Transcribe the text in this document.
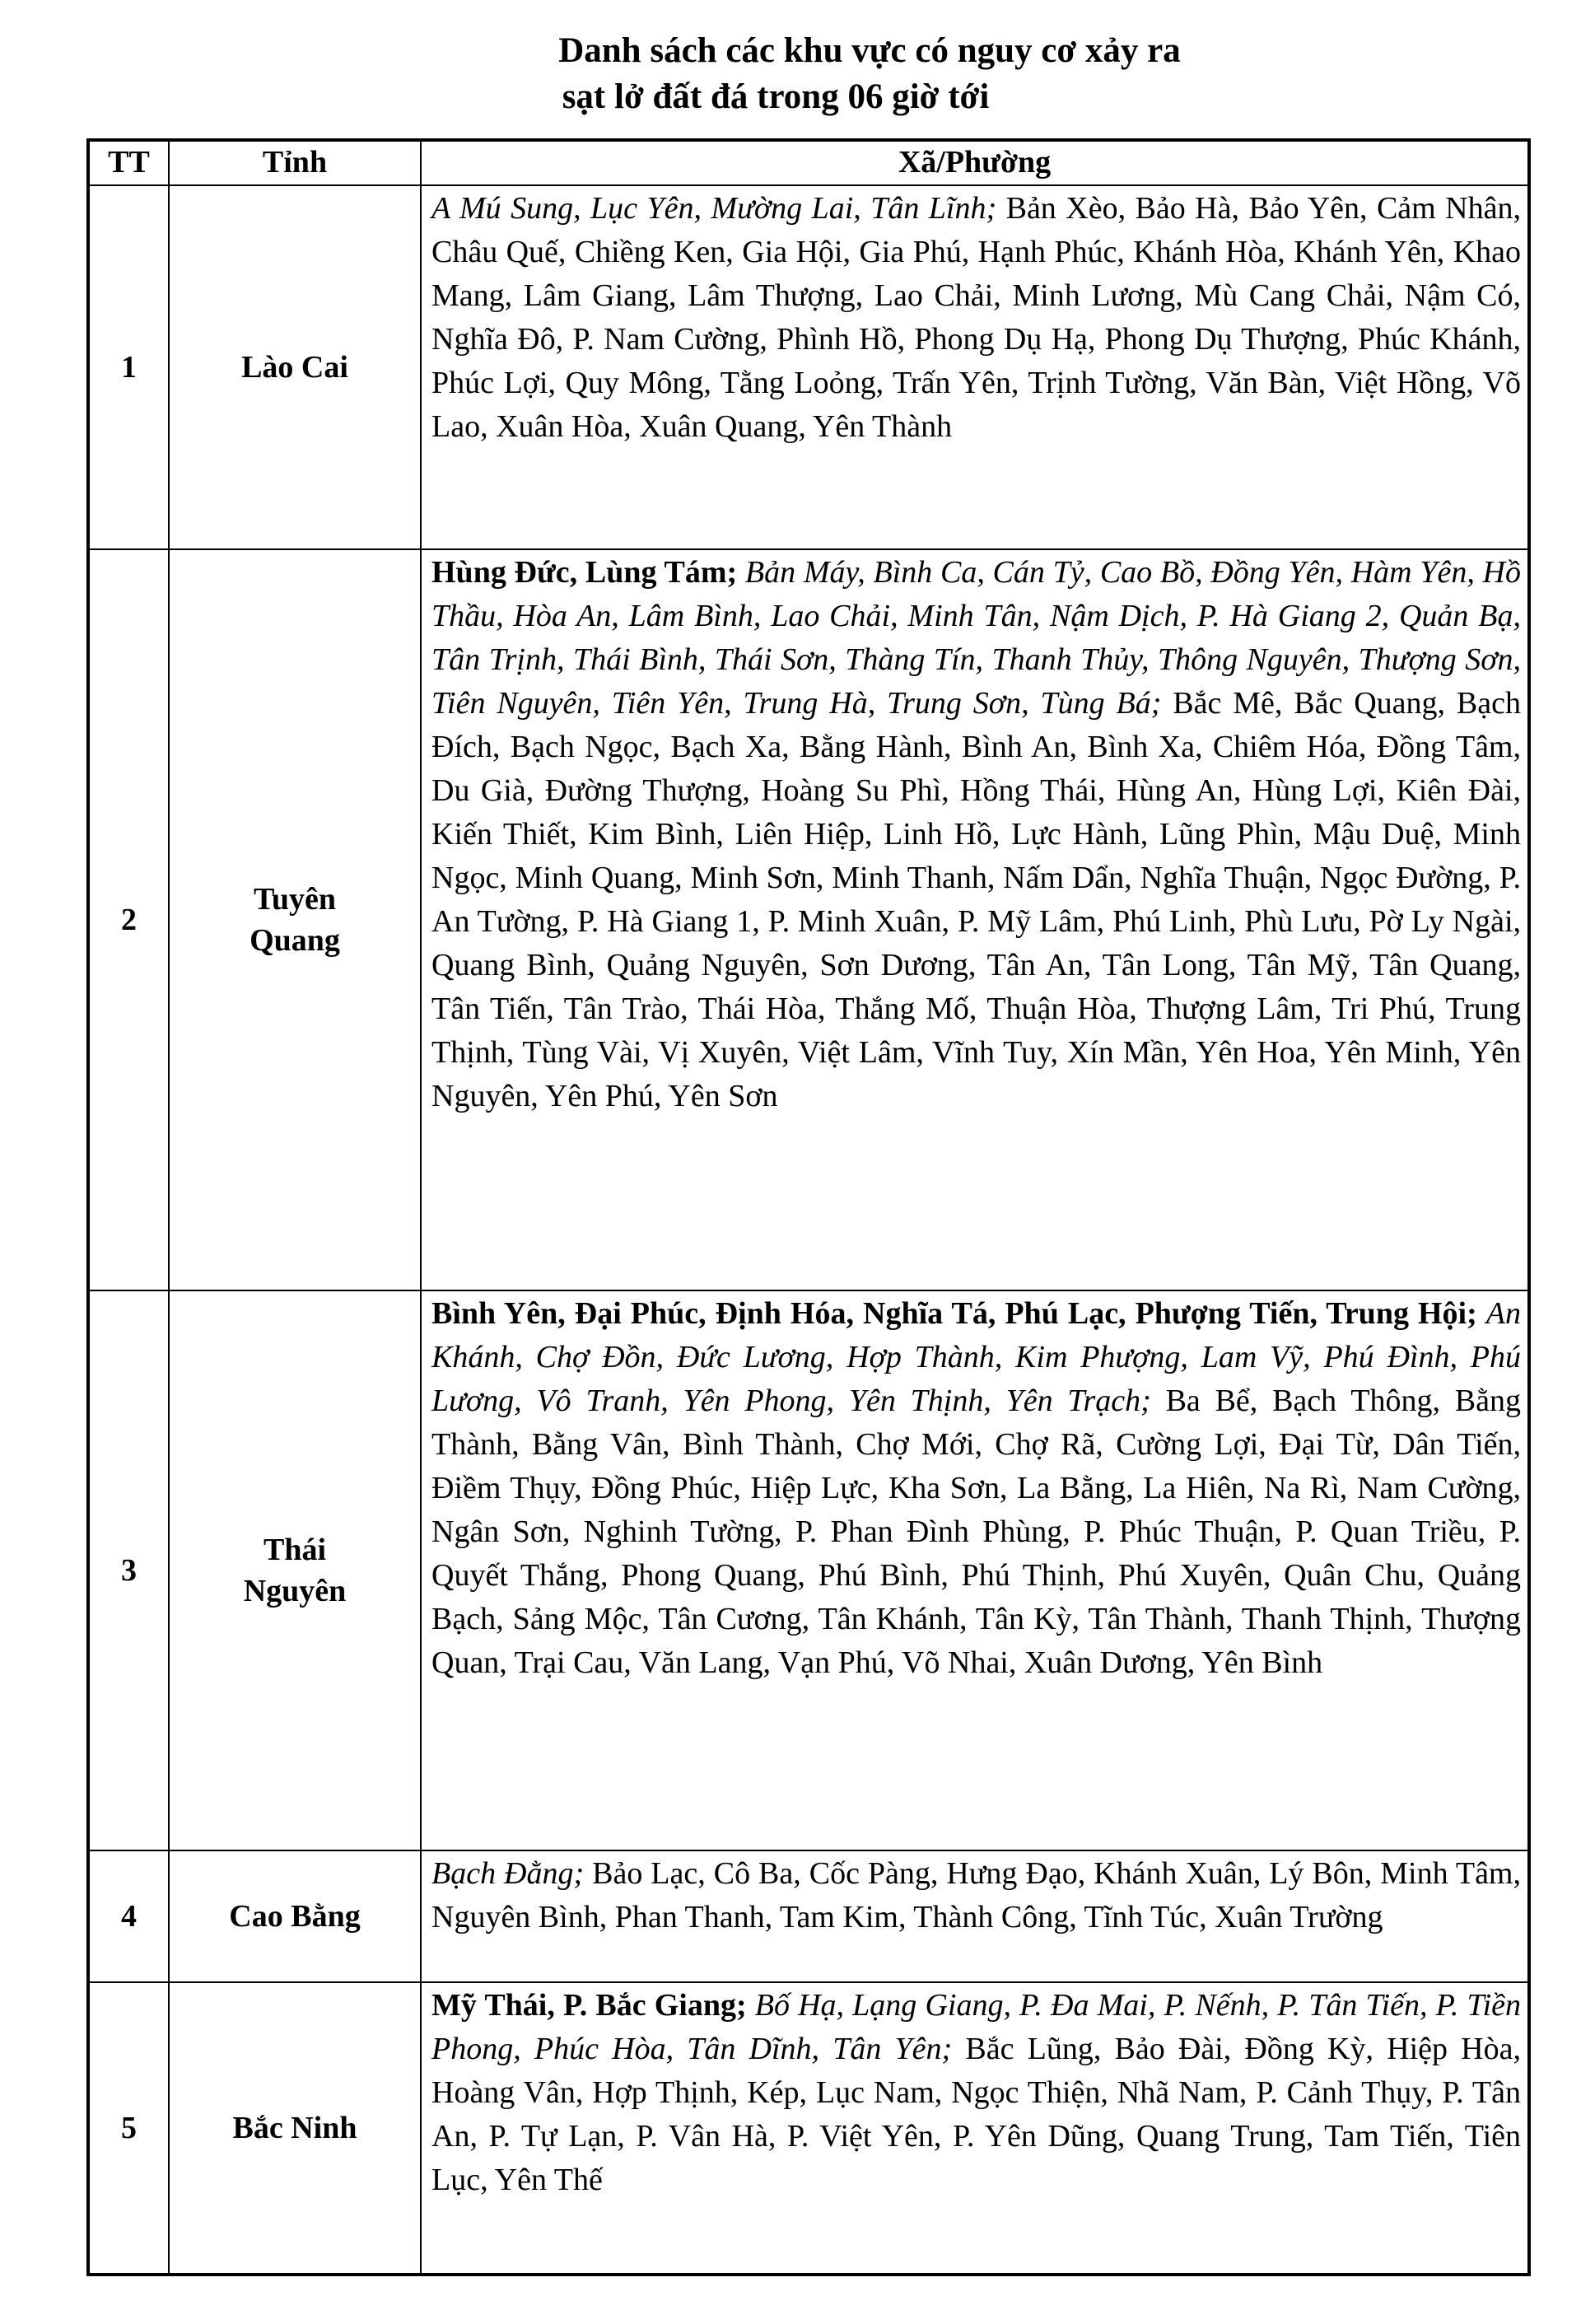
Danh sách các khu vực có nguy cơ xảy ra
sạt lở đất đá trong 06 giờ tới
TT	Tỉnh	Xã/Phường
1	Lào Cai	A Mú Sung, Lục Yên, Mường Lai, Tân Lĩnh; Bản Xèo, Bảo Hà, Bảo Yên, Cảm Nhân, Châu Quế, Chiềng Ken, Gia Hội, Gia Phú, Hạnh Phúc, Khánh Hòa, Khánh Yên, Khao Mang, Lâm Giang, Lâm Thượng, Lao Chải, Minh Lương, Mù Cang Chải, Nậm Có, Nghĩa Đô, P. Nam Cường, Phình Hồ, Phong Dụ Hạ, Phong Dụ Thượng, Phúc Khánh, Phúc Lợi, Quy Mông, Tằng Loỏng, Trấn Yên, Trịnh Tường, Văn Bàn, Việt Hồng, Võ Lao, Xuân Hòa, Xuân Quang, Yên Thành
2	Tuyên Quang	Hùng Đức, Lùng Tám; Bản Máy, Bình Ca, Cán Tỷ, Cao Bồ, Đồng Yên, Hàm Yên, Hồ Thầu, Hòa An, Lâm Bình, Lao Chải, Minh Tân, Nậm Dịch, P. Hà Giang 2, Quản Bạ, Tân Trịnh, Thái Bình, Thái Sơn, Thàng Tín, Thanh Thủy, Thông Nguyên, Thượng Sơn, Tiên Nguyên, Tiên Yên, Trung Hà, Trung Sơn, Tùng Bá; Bắc Mê, Bắc Quang, Bạch Đích, Bạch Ngọc, Bạch Xa, Bằng Hành, Bình An, Bình Xa, Chiêm Hóa, Đồng Tâm, Du Già, Đường Thượng, Hoàng Su Phì, Hồng Thái, Hùng An, Hùng Lợi, Kiên Đài, Kiến Thiết, Kim Bình, Liên Hiệp, Linh Hồ, Lực Hành, Lũng Phìn, Mậu Duệ, Minh Ngọc, Minh Quang, Minh Sơn, Minh Thanh, Nấm Dẩn, Nghĩa Thuận, Ngọc Đường, P. An Tường, P. Hà Giang 1, P. Minh Xuân, P. Mỹ Lâm, Phú Linh, Phù Lưu, Pờ Ly Ngài, Quang Bình, Quảng Nguyên, Sơn Dương, Tân An, Tân Long, Tân Mỹ, Tân Quang, Tân Tiến, Tân Trào, Thái Hòa, Thắng Mố, Thuận Hòa, Thượng Lâm, Tri Phú, Trung Thịnh, Tùng Vài, Vị Xuyên, Việt Lâm, Vĩnh Tuy, Xín Mần, Yên Hoa, Yên Minh, Yên Nguyên, Yên Phú, Yên Sơn
3	Thái Nguyên	Bình Yên, Đại Phúc, Định Hóa, Nghĩa Tá, Phú Lạc, Phượng Tiến, Trung Hội; An Khánh, Chợ Đồn, Đức Lương, Hợp Thành, Kim Phượng, Lam Vỹ, Phú Đình, Phú Lương, Vô Tranh, Yên Phong, Yên Thịnh, Yên Trạch; Ba Bể, Bạch Thông, Bằng Thành, Bằng Vân, Bình Thành, Chợ Mới, Chợ Rã, Cường Lợi, Đại Từ, Dân Tiến, Điềm Thụy, Đồng Phúc, Hiệp Lực, Kha Sơn, La Bằng, La Hiên, Na Rì, Nam Cường, Ngân Sơn, Nghinh Tường, P. Phan Đình Phùng, P. Phúc Thuận, P. Quan Triều, P. Quyết Thắng, Phong Quang, Phú Bình, Phú Thịnh, Phú Xuyên, Quân Chu, Quảng Bạch, Sảng Mộc, Tân Cương, Tân Khánh, Tân Kỳ, Tân Thành, Thanh Thịnh, Thượng Quan, Trại Cau, Văn Lang, Vạn Phú, Võ Nhai, Xuân Dương, Yên Bình
4	Cao Bằng	Bạch Đằng; Bảo Lạc, Cô Ba, Cốc Pàng, Hưng Đạo, Khánh Xuân, Lý Bôn, Minh Tâm, Nguyên Bình, Phan Thanh, Tam Kim, Thành Công, Tĩnh Túc, Xuân Trường
5	Bắc Ninh	Mỹ Thái, P. Bắc Giang; Bố Hạ, Lạng Giang, P. Đa Mai, P. Nếnh, P. Tân Tiến, P. Tiền Phong, Phúc Hòa, Tân Dĩnh, Tân Yên; Bắc Lũng, Bảo Đài, Đồng Kỳ, Hiệp Hòa, Hoàng Vân, Hợp Thịnh, Kép, Lục Nam, Ngọc Thiện, Nhã Nam, P. Cảnh Thụy, P. Tân An, P. Tự Lạn, P. Vân Hà, P. Việt Yên, P. Yên Dũng, Quang Trung, Tam Tiến, Tiên Lục, Yên Thế
